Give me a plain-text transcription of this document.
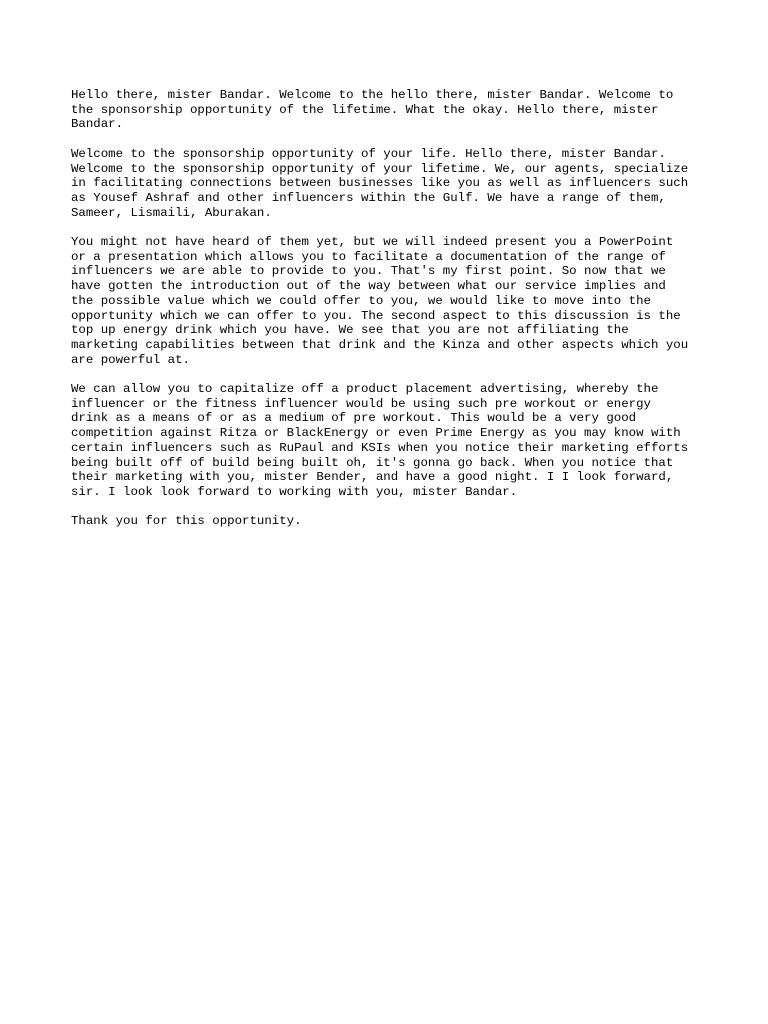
Hello there, mister Bandar. Welcome to the hello there, mister Bandar. Welcome to
the sponsorship opportunity of the lifetime. What the okay. Hello there, mister
Bandar.

Welcome to the sponsorship opportunity of your life. Hello there, mister Bandar.
Welcome to the sponsorship opportunity of your lifetime. We, our agents, specialize
in facilitating connections between businesses like you as well as influencers such
as Yousef Ashraf and other influencers within the Gulf. We have a range of them,
Sameer, Lismaili, Aburakan.

You might not have heard of them yet, but we will indeed present you a PowerPoint
or a presentation which allows you to facilitate a documentation of the range of
influencers we are able to provide to you. That's my first point. So now that we
have gotten the introduction out of the way between what our service implies and
the possible value which we could offer to you, we would like to move into the
opportunity which we can offer to you. The second aspect to this discussion is the
top up energy drink which you have. We see that you are not affiliating the
marketing capabilities between that drink and the Kinza and other aspects which you
are powerful at.

We can allow you to capitalize off a product placement advertising, whereby the
influencer or the fitness influencer would be using such pre workout or energy
drink as a means of or as a medium of pre workout. This would be a very good
competition against Ritza or BlackEnergy or even Prime Energy as you may know with
certain influencers such as RuPaul and KSIs when you notice their marketing efforts
being built off of build being built oh, it's gonna go back. When you notice that
their marketing with you, mister Bender, and have a good night. I I look forward,
sir. I look look forward to working with you, mister Bandar.

Thank you for this opportunity.
